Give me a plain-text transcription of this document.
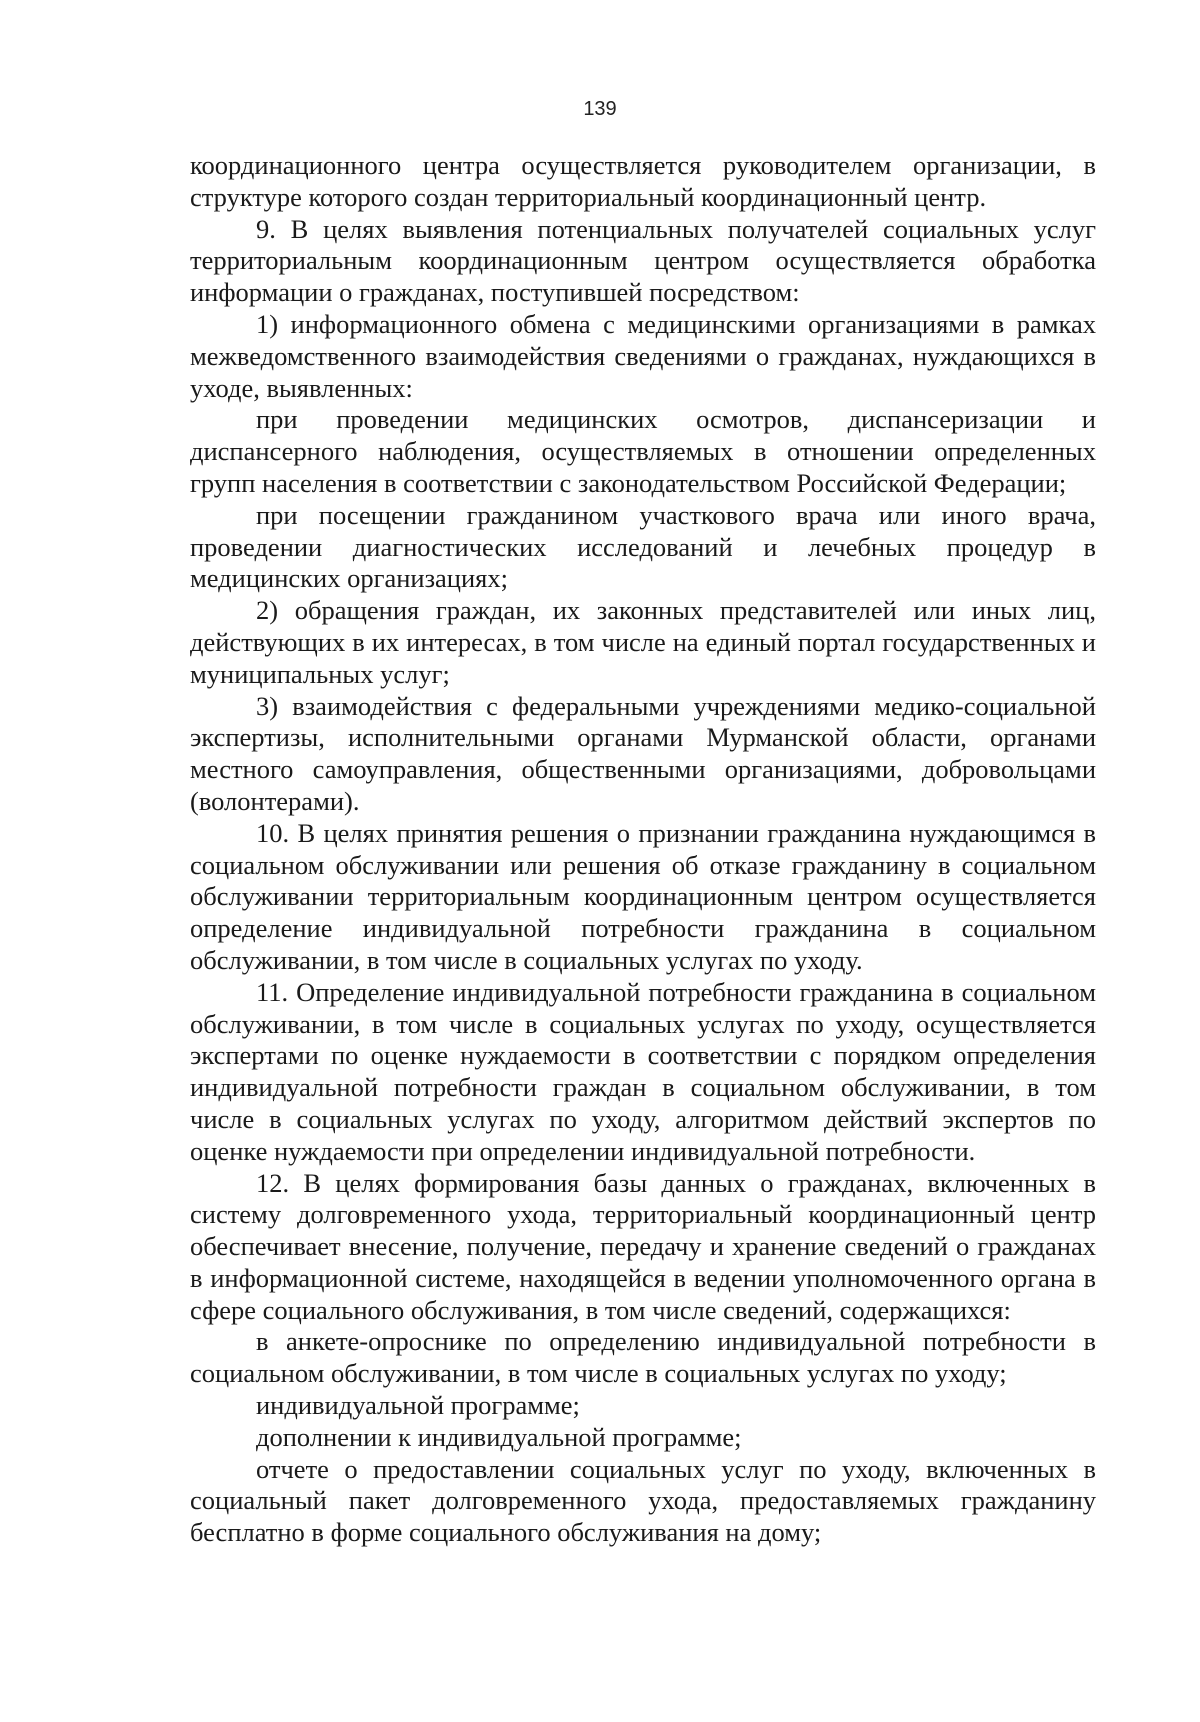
139

координационного центра осуществляется руководителем организации, в структуре которого создан территориальный координационный центр.

9. В целях выявления потенциальных получателей социальных услуг территориальным координационным центром осуществляется обработка информации о гражданах, поступившей посредством:

1) информационного обмена с медицинскими организациями в рамках межведомственного взаимодействия сведениями о гражданах, нуждающихся в уходе, выявленных:

при проведении медицинских осмотров, диспансеризации и диспансерного наблюдения, осуществляемых в отношении определенных групп населения в соответствии с законодательством Российской Федерации;

при посещении гражданином участкового врача или иного врача, проведении диагностических исследований и лечебных процедур в медицинских организациях;

2) обращения граждан, их законных представителей или иных лиц, действующих в их интересах, в том числе на единый портал государственных и муниципальных услуг;

3) взаимодействия с федеральными учреждениями медико-социальной экспертизы, исполнительными органами Мурманской области, органами местного самоуправления, общественными организациями, добровольцами (волонтерами).

10. В целях принятия решения о признании гражданина нуждающимся в социальном обслуживании или решения об отказе гражданину в социальном обслуживании территориальным координационным центром осуществляется определение индивидуальной потребности гражданина в социальном обслуживании, в том числе в социальных услугах по уходу.

11. Определение индивидуальной потребности гражданина в социальном обслуживании, в том числе в социальных услугах по уходу, осуществляется экспертами по оценке нуждаемости в соответствии с порядком определения индивидуальной потребности граждан в социальном обслуживании, в том числе в социальных услугах по уходу, алгоритмом действий экспертов по оценке нуждаемости при определении индивидуальной потребности.

12. В целях формирования базы данных о гражданах, включенных в систему долговременного ухода, территориальный координационный центр обеспечивает внесение, получение, передачу и хранение сведений о гражданах в информационной системе, находящейся в ведении уполномоченного органа в сфере социального обслуживания, в том числе сведений, содержащихся:

в анкете-опроснике по определению индивидуальной потребности в социальном обслуживании, в том числе в социальных услугах по уходу;

индивидуальной программе;

дополнении к индивидуальной программе;

отчете о предоставлении социальных услуг по уходу, включенных в социальный пакет долговременного ухода, предоставляемых гражданину бесплатно в форме социального обслуживания на дому;
